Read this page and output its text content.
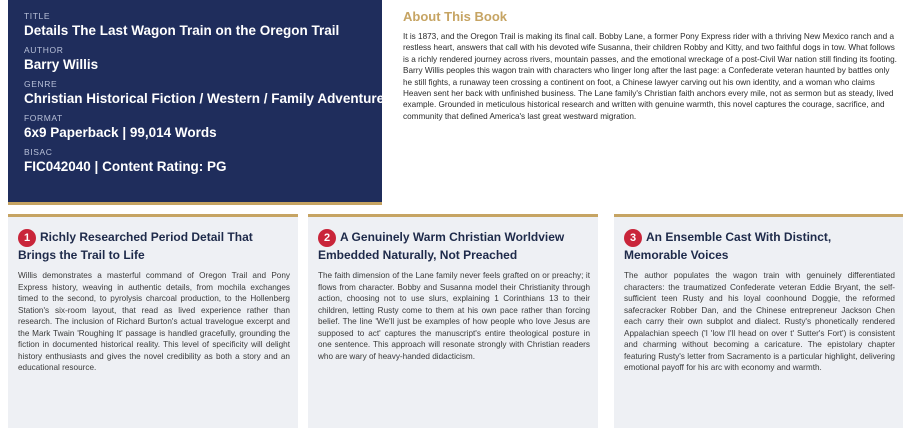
TITLE
Details The Last Wagon Train on the Oregon Trail
AUTHOR
Barry Willis
GENRE
Christian Historical Fiction / Western / Family Adventure
FORMAT
6x9 Paperback | 99,014 Words
BISAC
FIC042040 | Content Rating: PG
About This Book

It is 1873, and the Oregon Trail is making its final call. Bobby Lane, a former Pony Express rider with a thriving New Mexico ranch and a restless heart, answers that call with his devoted wife Susanna, their children Robby and Kitty, and two faithful dogs in tow. What follows is a richly rendered journey across rivers, mountain passes, and the emotional wreckage of a post-Civil War nation still finding its footing. Barry Willis peoples this wagon train with characters who linger long after the last page: a Confederate veteran haunted by battles only he still fights, a runaway teen crossing a continent on foot, a Chinese lawyer carving out his own identity, and a woman who claims Heaven sent her back with unfinished business. The Lane family's Christian faith anchors every mile, not as sermon but as steady, lived example. Grounded in meticulous historical research and written with genuine warmth, this novel captures the courage, sacrifice, and community that defined America's last great westward migration.

1 Richly Researched Period Detail That Brings the Trail to Life

Willis demonstrates a masterful command of Oregon Trail and Pony Express history, weaving in authentic details, from mochila exchanges timed to the second, to pyrolysis charcoal production, to the Hollenberg Station's six-room layout, that read as lived experience rather than research. The inclusion of Richard Burton's actual travelogue excerpt and the Mark Twain 'Roughing It' passage is handled gracefully, grounding the fiction in documented historical reality. This level of specificity will delight history enthusiasts and gives the novel credibility as both a story and an educational resource.

2 A Genuinely Warm Christian Worldview Embedded Naturally, Not Preached

The faith dimension of the Lane family never feels grafted on or preachy; it flows from character. Bobby and Susanna model their Christianity through action, choosing not to use slurs, explaining 1 Corinthians 13 to their children, letting Rusty come to them at his own pace rather than forcing belief. The line 'We'll just be examples of how people who love Jesus are supposed to act' captures the manuscript's entire theological posture in one sentence. This approach will resonate strongly with Christian readers who are wary of heavy-handed didacticism.

3 An Ensemble Cast With Distinct, Memorable Voices

The author populates the wagon train with genuinely differentiated characters: the traumatized Confederate veteran Eddie Bryant, the self-sufficient teen Rusty and his loyal coonhound Doggie, the reformed safecracker Robber Dan, and the Chinese entrepreneur Jackson Chen each carry their own subplot and dialect. Rusty's phonetically rendered Appalachian speech ('I 'low I'll head on over t' Sutter's Fort') is consistent and charming without becoming a caricature. The epistolary chapter featuring Rusty's letter from Sacramento is a particular highlight, delivering emotional payoff for his arc with economy and warmth.
